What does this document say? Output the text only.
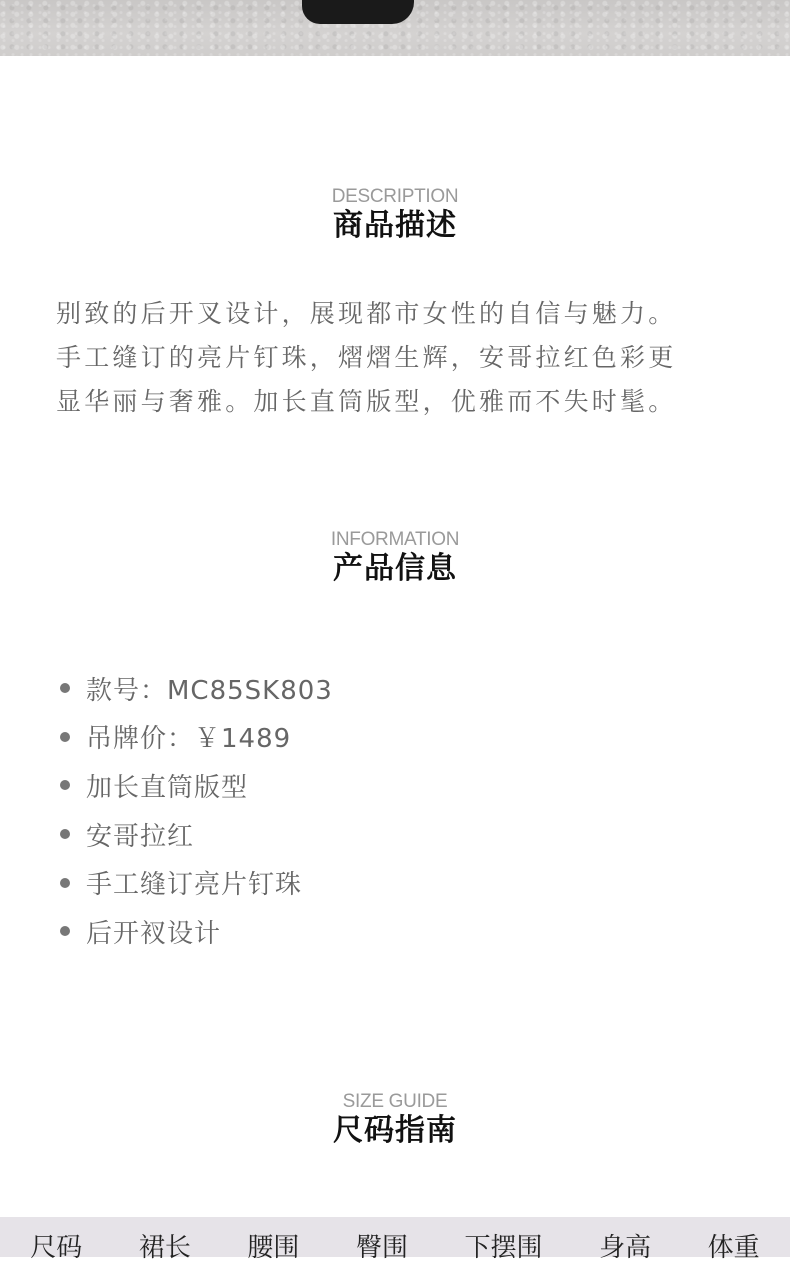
DESCRIPTION
商品描述

别致的后开叉设计，展现都市女性的自信与魅力。
手工缝订的亮片钉珠，熠熠生辉，安哥拉红色彩更
显华丽与奢雅。加长直筒版型，优雅而不失时髦。

INFORMATION
产品信息
款号：MC85SK803
吊牌价：￥1489
加长直筒版型
安哥拉红
手工缝订亮片钉珠
后开衩设计
SIZE GUIDE
尺码指南
尺码 裙长 腰围 臀围 下摆围 身高 体重
